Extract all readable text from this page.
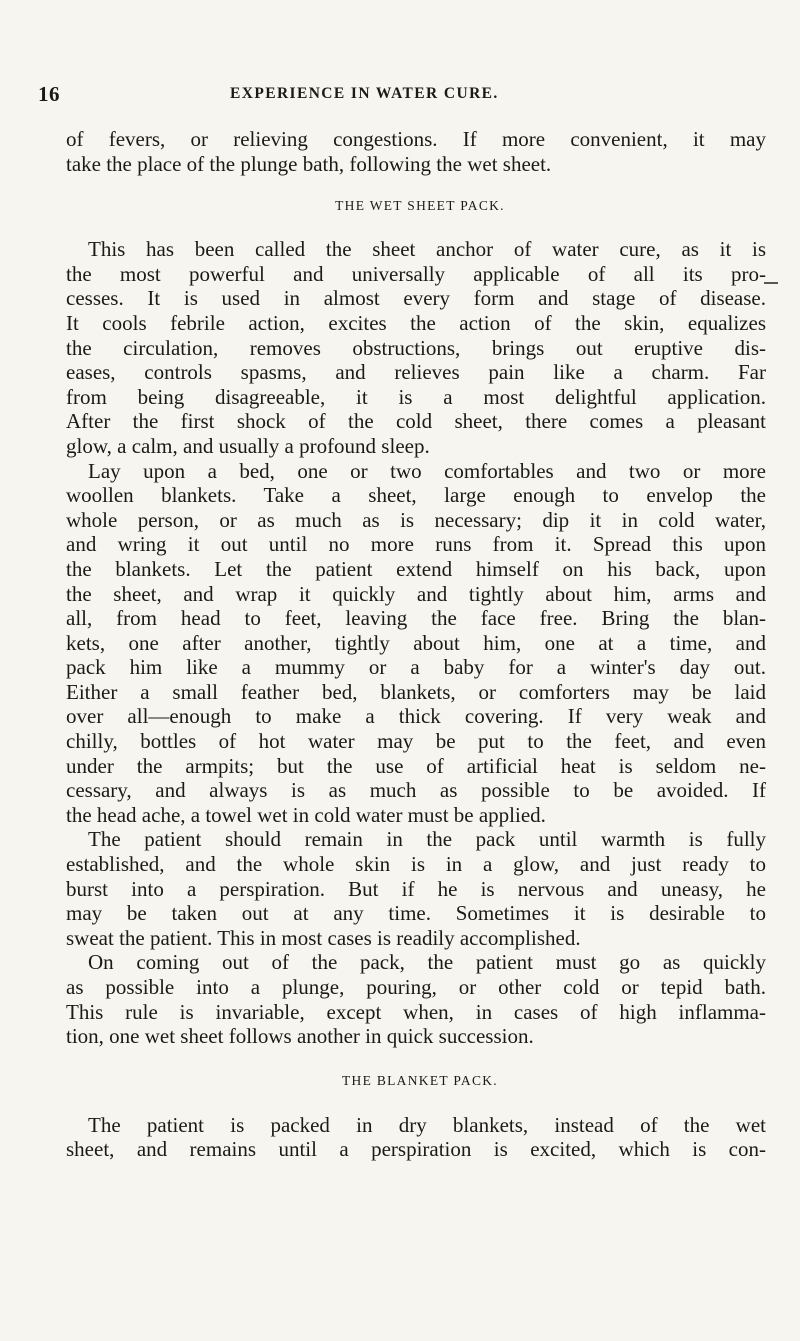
16	EXPERIENCE IN WATER CURE.
of fevers, or relieving congestions. If more convenient, it may
take the place of the plunge bath, following the wet sheet.
THE WET SHEET PACK.
This has been called the sheet anchor of water cure, as it is
the most powerful and universally applicable of all its pro-
cesses. It is used in almost every form and stage of disease.
It cools febrile action, excites the action of the skin, equalizes
the circulation, removes obstructions, brings out eruptive dis-
eases, controls spasms, and relieves pain like a charm. Far
from being disagreeable, it is a most delightful application.
After the first shock of the cold sheet, there comes a pleasant
glow, a calm, and usually a profound sleep.
Lay upon a bed, one or two comfortables and two or more
woollen blankets. Take a sheet, large enough to envelop the
whole person, or as much as is necessary; dip it in cold water,
and wring it out until no more runs from it. Spread this upon
the blankets. Let the patient extend himself on his back, upon
the sheet, and wrap it quickly and tightly about him, arms and
all, from head to feet, leaving the face free. Bring the blan-
kets, one after another, tightly about him, one at a time, and
pack him like a mummy or a baby for a winter's day out.
Either a small feather bed, blankets, or comforters may be laid
over all—enough to make a thick covering. If very weak and
chilly, bottles of hot water may be put to the feet, and even
under the armpits; but the use of artificial heat is seldom ne-
cessary, and always is as much as possible to be avoided. If
the head ache, a towel wet in cold water must be applied.
The patient should remain in the pack until warmth is fully
established, and the whole skin is in a glow, and just ready to
burst into a perspiration. But if he is nervous and uneasy, he
may be taken out at any time. Sometimes it is desirable to
sweat the patient. This in most cases is readily accomplished.
On coming out of the pack, the patient must go as quickly
as possible into a plunge, pouring, or other cold or tepid bath.
This rule is invariable, except when, in cases of high inflamma-
tion, one wet sheet follows another in quick succession.
THE BLANKET PACK.
The patient is packed in dry blankets, instead of the wet
sheet, and remains until a perspiration is excited, which is con-
